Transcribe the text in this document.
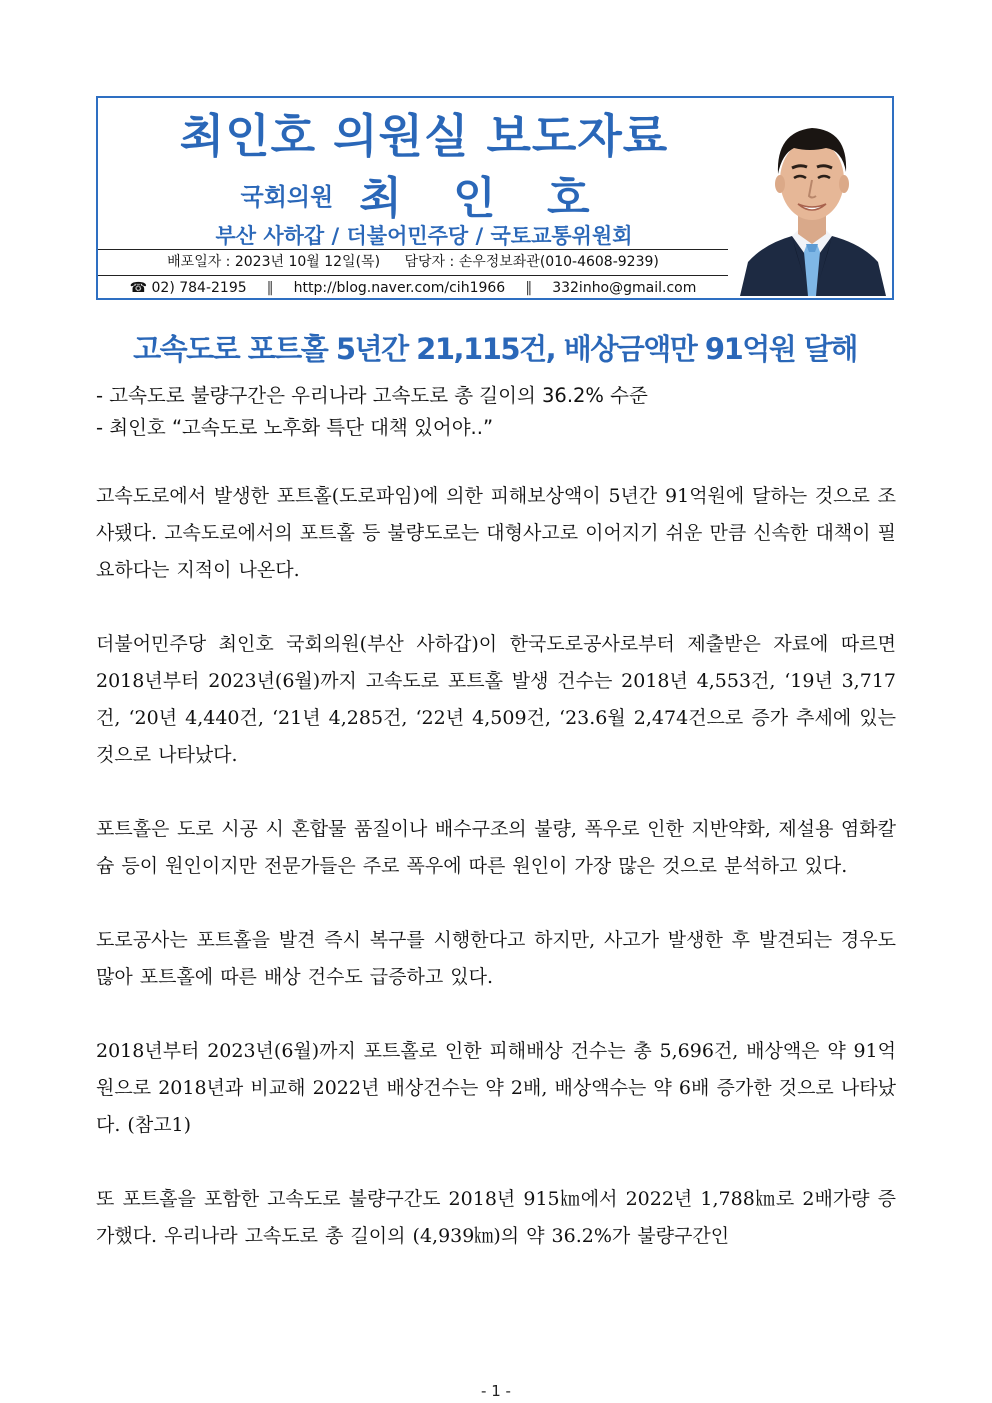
최인호 의원실 보도자료
국회의원 최 인 호
부산 사하갑 / 더불어민주당 / 국토교통위원회
배포일자 : 2023년 10월 12일(목) 담당자 : 손우정보좌관(010-4608-9239)
☎ 02) 784-2195 ‖ http://blog.naver.com/cih1966 ‖ 332inho@gmail.com
고속도로 포트홀 5년간 21,115건, 배상금액만 91억원 달해
- 고속도로 불량구간은 우리나라 고속도로 총 길이의 36.2% 수준
- 최인호 “고속도로 노후화 특단 대책 있어야..”

고속도로에서 발생한 포트홀(도로파임)에 의한 피해보상액이 5년간 91억원에 달하는 것으로 조사됐다. 고속도로에서의 포트홀 등 불량도로는 대형사고로 이어지기 쉬운 만큼 신속한 대책이 필요하다는 지적이 나온다.

더불어민주당 최인호 국회의원(부산 사하갑)이 한국도로공사로부터 제출받은 자료에 따르면 2018년부터 2023년(6월)까지 고속도로 포트홀 발생 건수는 2018년 4,553건, ‘19년 3,717건, ‘20년 4,440건, ‘21년 4,285건, ‘22년 4,509건, ‘23.6월 2,474건으로 증가 추세에 있는 것으로 나타났다.

포트홀은 도로 시공 시 혼합물 품질이나 배수구조의 불량, 폭우로 인한 지반약화, 제설용 염화칼슘 등이 원인이지만 전문가들은 주로 폭우에 따른 원인이 가장 많은 것으로 분석하고 있다.

도로공사는 포트홀을 발견 즉시 복구를 시행한다고 하지만, 사고가 발생한 후 발견되는 경우도 많아 포트홀에 따른 배상 건수도 급증하고 있다.

2018년부터 2023년(6월)까지 포트홀로 인한 피해배상 건수는 총 5,696건, 배상액은 약 91억원으로 2018년과 비교해 2022년 배상건수는 약 2배, 배상액수는 약 6배 증가한 것으로 나타났다. (참고1)

또 포트홀을 포함한 고속도로 불량구간도 2018년 915㎞에서 2022년 1,788㎞로 2배가량 증가했다. 우리나라 고속도로 총 길이의 (4,939㎞)의 약 36.2%가 불량구간인

- 1 -
